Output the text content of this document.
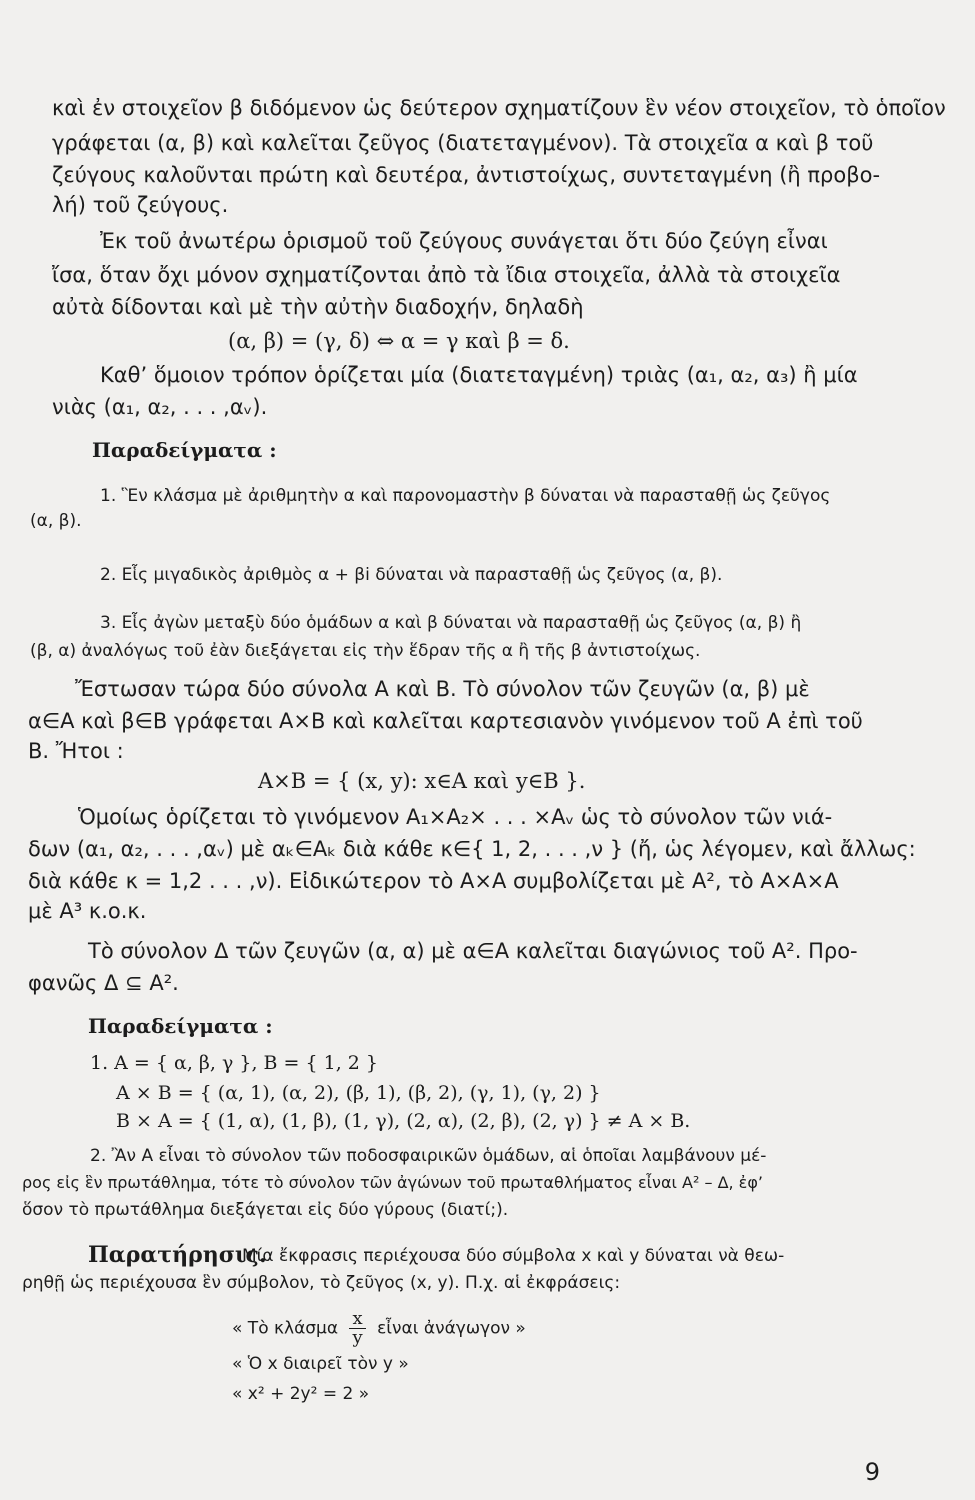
καὶ ἐν στοιχεῖον β διδόμενον ὡς δεύτερον σχηματίζουν ἓν νέον στοιχεῖον, τὸ ὁποῖον
γράφεται (α, β) καὶ καλεῖται ζεῦγος (διατεταγμένον). Τὰ στοιχεῖα α καὶ β τοῦ
ζεύγους καλοῦνται πρώτη καὶ δευτέρα, ἀντιστοίχως, συντεταγμένη (ἢ προβο-
λή) τοῦ ζεύγους.
Ἐκ τοῦ ἀνωτέρω ὁρισμοῦ τοῦ ζεύγους συνάγεται ὅτι δύο ζεύγη εἶναι
ἴσα, ὅταν ὄχι μόνον σχηματίζονται ἀπὸ τὰ ἴδια στοιχεῖα, ἀλλὰ τὰ στοιχεῖα
αὐτὰ δίδονται καὶ μὲ τὴν αὐτὴν διαδοχήν, δηλαδὴ
(α, β) = (γ, δ) ⇔ α = γ καὶ β = δ.
Καθ’ ὅμοιον τρόπον ὁρίζεται μία (διατεταγμένη) τριὰς (α₁, α₂, α₃) ἢ μία
νιὰς (α₁, α₂, . . . ,αᵥ).
Παραδείγματα :
1. Ἓν κλάσμα μὲ ἀριθμητὴν α καὶ παρονομαστὴν β δύναται νὰ παρασταθῇ ὡς ζεῦγος
(α, β).
2. Εἷς μιγαδικὸς ἀριθμὸς α + βi δύναται νὰ παρασταθῇ ὡς ζεῦγος (α, β).
3. Εἷς ἀγὼν μεταξὺ δύο ὁμάδων α καὶ β δύναται νὰ παρασταθῇ ὡς ζεῦγος (α, β) ἢ
(β, α) ἀναλόγως τοῦ ἐὰν διεξάγεται εἰς τὴν ἕδραν τῆς α ἢ τῆς β ἀντιστοίχως.
Ἔστωσαν τώρα δύο σύνολα Α καὶ Β. Τὸ σύνολον τῶν ζευγῶν (α, β) μὲ
α∈Α καὶ β∈Β γράφεται Α×Β καὶ καλεῖται καρτεσιανὸν γινόμενον τοῦ Α ἐπὶ τοῦ
Β. Ἤτοι :
Α×Β = { (x, y): x∈Α καὶ y∈Β }.
Ὁμοίως ὁρίζεται τὸ γινόμενον Α₁×Α₂× . . . ×Αᵥ ὡς τὸ σύνολον τῶν νιά-
δων (α₁, α₂, . . . ,αᵥ) μὲ αₖ∈Αₖ διὰ κάθε κ∈{ 1, 2, . . . ,ν } (ἤ, ὡς λέγομεν, καὶ ἄλλως:
διὰ κάθε κ = 1,2 . . . ,ν). Εἰδικώτερον τὸ Α×Α συμβολίζεται μὲ Α², τὸ Α×Α×Α
μὲ Α³ κ.ο.κ.
Τὸ σύνολον Δ τῶν ζευγῶν (α, α) μὲ α∈Α καλεῖται διαγώνιος τοῦ Α². Προ-
φανῶς Δ ⊆ Α².
Παραδείγματα :
1. Α = { α, β, γ }, Β = { 1, 2 }
Α × Β = { (α, 1), (α, 2), (β, 1), (β, 2), (γ, 1), (γ, 2) }
Β × Α = { (1, α), (1, β), (1, γ), (2, α), (2, β), (2, γ) } ≠ Α × Β.
2. Ἂν Α εἶναι τὸ σύνολον τῶν ποδοσφαιρικῶν ὁμάδων, αἱ ὁποῖαι λαμβάνουν μέ-
ρος εἰς ἓν πρωτάθλημα, τότε τὸ σύνολον τῶν ἀγώνων τοῦ πρωταθλήματος εἶναι Α² – Δ, ἐφ’
ὅσον τὸ πρωτάθλημα διεξάγεται εἰς δύο γύρους (διατί;).
Παρατήρησις.
Μία ἔκφρασις περιέχουσα δύο σύμβολα x καὶ y δύναται νὰ θεω-
ρηθῇ ὡς περιέχουσα ἓν σύμβολον, τὸ ζεῦγος (x, y). Π.χ. αἱ ἐκφράσεις:
« Τὸ κλάσμα $\frac{x}{y}$ εἶναι ἀνάγωγον »
« Ὁ x διαιρεῖ τὸν y »
« x² + 2y² = 2 »
9
